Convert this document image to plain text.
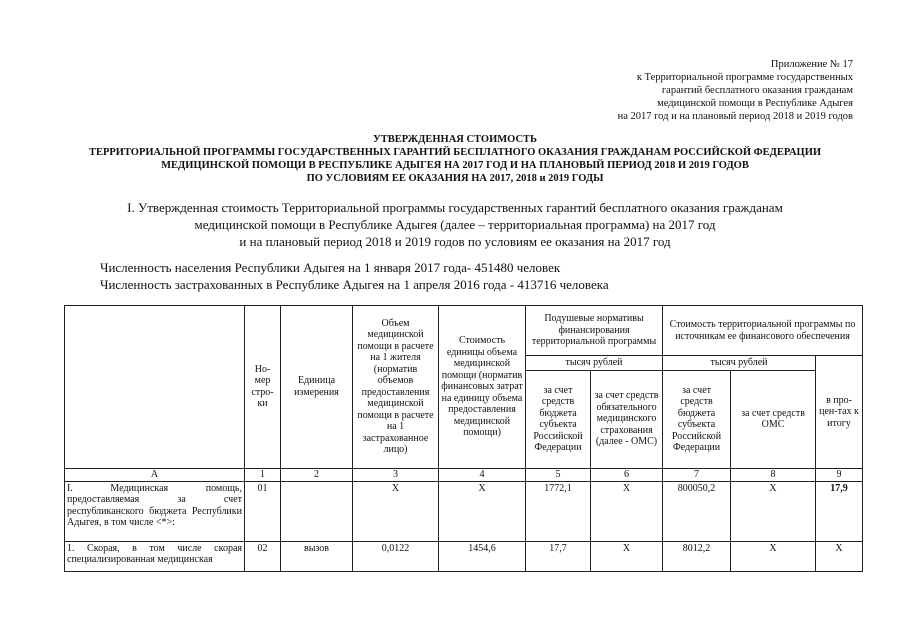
Приложение № 17
к Территориальной программе государственных
гарантий бесплатного оказания гражданам
медицинской помощи в Республике Адыгея
на 2017 год и на плановый период 2018 и 2019 годов
УТВЕРЖДЕННАЯ СТОИМОСТЬ
ТЕРРИТОРИАЛЬНОЙ ПРОГРАММЫ ГОСУДАРСТВЕННЫХ ГАРАНТИЙ БЕСПЛАТНОГО ОКАЗАНИЯ ГРАЖДАНАМ РОССИЙСКОЙ ФЕДЕРАЦИИ
МЕДИЦИНСКОЙ ПОМОЩИ В РЕСПУБЛИКЕ АДЫГЕЯ НА 2017 ГОД И НА ПЛАНОВЫЙ ПЕРИОД 2018 И 2019 ГОДОВ
ПО УСЛОВИЯМ ЕЕ ОКАЗАНИЯ НА 2017, 2018 и 2019 ГОДЫ
I. Утвержденная стоимость Территориальной программы государственных гарантий бесплатного оказания гражданам
медицинской помощи в Республике Адыгея (далее – территориальная программа) на 2017 год
и на плановый период 2018 и 2019 годов по условиям ее оказания на 2017 год
Численность населения Республики Адыгея на 1 января 2017 года- 451480 человек
Численность застрахованных в Республике Адыгея на 1 апреля 2016 года - 413716 человека
	Но-мер стро-ки	Единица измерения	Объем медицинской помощи в расчете на 1 жителя (норматив объемов предоставления медицинской помощи в расчете на 1 застрахованное лицо)	Стоимость единицы объема медицинской помощи (норматив финансовых затрат на единицу объема предоставления медицинской помощи)	Подушевые нормативы финансирования территориальной программы		Стоимость территориальной программы по источникам ее финансового обеспечения		
					тысяч рублей		тысяч рублей		в про-цен-тах к итогу
					за счет средств бюджета субъекта Российской Федерации	за счет средств обязательного медицинского страхования (далее - ОМС)	за счет средств бюджета субъекта Российской Федерации	за счет средств ОМС	
А	1	2	3	4	5	6	7	8	9
I. Медицинская помощь, предоставляемая за счет республиканского бюджета Республики Адыгея, в том числе <*>:	01		Х	Х	1772,1	Х	800050,2	Х	17,9
1. Скорая, в том числе скорая специализированная медицинская	02	вызов	0,0122	1454,6	17,7	Х	8012,2	Х	Х
